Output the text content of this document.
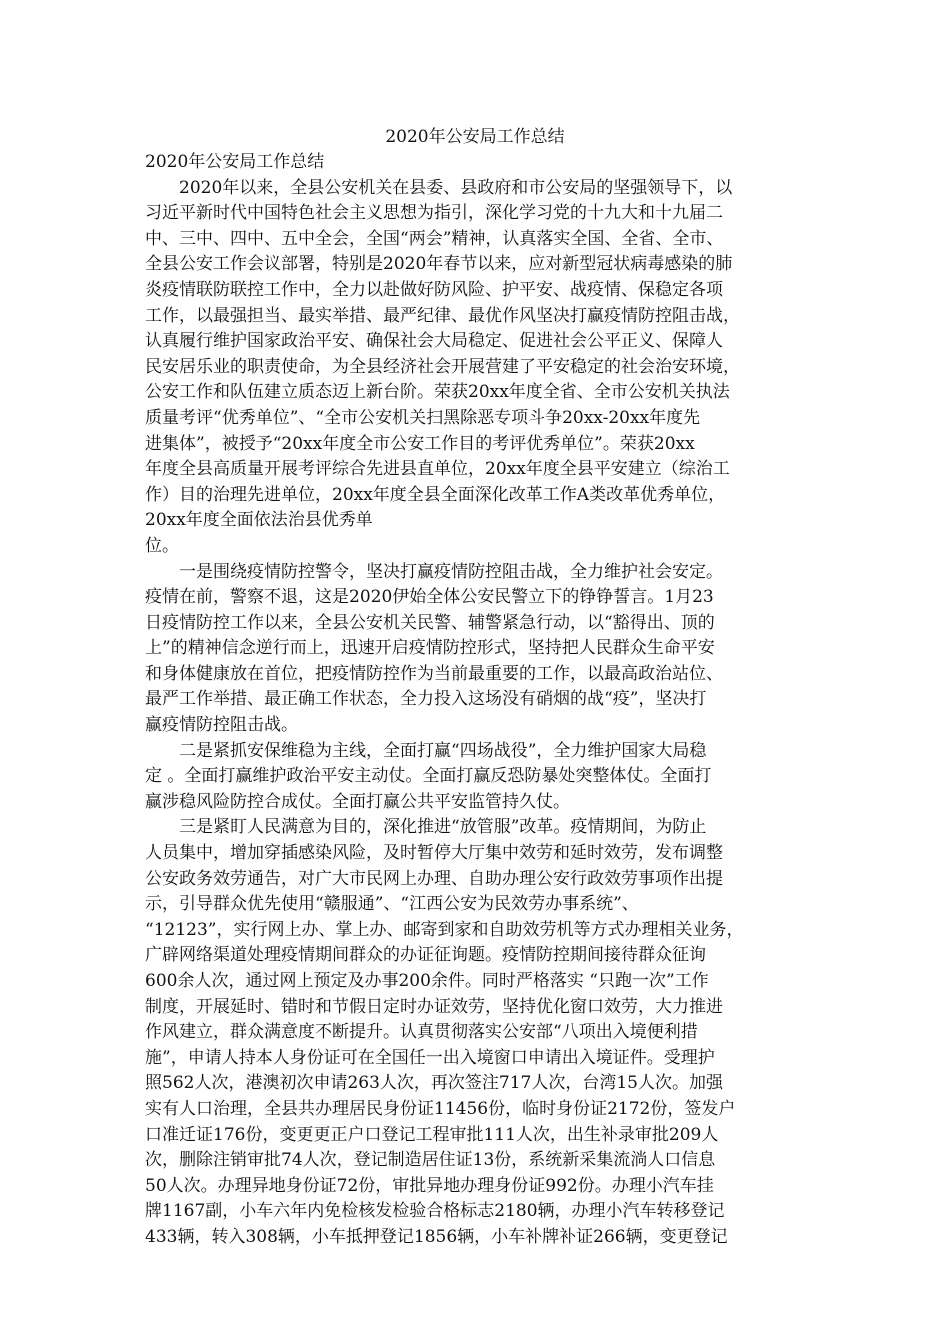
2020年公安局工作总结
2020年公安局工作总结
　　2020年以来，全县公安机关在县委、县政府和市公安局的坚强领导下，以
习近平新时代中国特色社会主义思想为指引，深化学习党的十九大和十九届二
中、三中、四中、五中全会，全国“两会”精神，认真落实全国、全省、全市、
全县公安工作会议部署，特别是2020年春节以来，应对新型冠状病毒感染的肺
炎疫情联防联控工作中，全力以赴做好防风险、护平安、战疫情、保稳定各项
工作，以最强担当、最实举措、最严纪律、最优作风坚决打赢疫情防控阻击战，
认真履行维护国家政治平安、确保社会大局稳定、促进社会公平正义、保障人
民安居乐业的职责使命，为全县经济社会开展营建了平安稳定的社会治安环境，
公安工作和队伍建立质态迈上新台阶。荣获20xx年度全省、全市公安机关执法
质量考评“优秀单位”、“全市公安机关扫黑除恶专项斗争20xx-20xx年度先
进集体”，被授予“20xx年度全市公安工作目的考评优秀单位”。荣获20xx
年度全县高质量开展考评综合先进县直单位，20xx年度全县平安建立（综治工
作）目的治理先进单位，20xx年度全县全面深化改革工作A类改革优秀单位，
20xx年度全面依法治县优秀单
位。
　　一是围绕疫情防控警令，坚决打赢疫情防控阻击战，全力维护社会安定。
疫情在前，警察不退，这是2020伊始全体公安民警立下的铮铮誓言。1月23
日疫情防控工作以来，全县公安机关民警、辅警紧急行动，以“豁得出、顶的
上”的精神信念逆行而上，迅速开启疫情防控形式，坚持把人民群众生命平安
和身体健康放在首位，把疫情防控作为当前最重要的工作，以最高政治站位、
最严工作举措、最正确工作状态，全力投入这场没有硝烟的战“疫”，坚决打
赢疫情防控阻击战。
　　二是紧抓安保维稳为主线，全面打赢“四场战役”，全力维护国家大局稳
定 。全面打赢维护政治平安主动仗。全面打赢反恐防暴处突整体仗。全面打
赢涉稳风险防控合成仗。全面打赢公共平安监管持久仗。
　　三是紧盯人民满意为目的，深化推进“放管服”改革。疫情期间，为防止
人员集中，增加穿插感染风险，及时暂停大厅集中效劳和延时效劳，发布调整
公安政务效劳通告，对广大市民网上办理、自助办理公安行政效劳事项作出提
示，引导群众优先使用“赣服通”、“江西公安为民效劳办事系统”、
“12123”，实行网上办、掌上办、邮寄到家和自助效劳机等方式办理相关业务，
广辟网络渠道处理疫情期间群众的办证征询题。疫情防控期间接待群众征询
600余人次，通过网上预定及办事200余件。同时严格落实 “只跑一次”工作
制度，开展延时、错时和节假日定时办证效劳，坚持优化窗口效劳，大力推进
作风建立，群众满意度不断提升。认真贯彻落实公安部“八项出入境便利措
施”，申请人持本人身份证可在全国任一出入境窗口申请出入境证件。受理护
照562人次，港澳初次申请263人次，再次签注717人次，台湾15人次。加强
实有人口治理，全县共办理居民身份证11456份，临时身份证2172份，签发户
口准迁证176份，变更更正户口登记工程审批111人次，出生补录审批209人
次，删除注销审批74人次，登记制造居住证13份，系统新采集流淌人口信息
50人次。办理异地身份证72份，审批异地办理身份证992份。办理小汽车挂
牌1167副，小车六年内免检核发检验合格标志2180辆，办理小汽车转移登记
433辆，转入308辆，小车抵押登记1856辆，小车补牌补证266辆，变更登记
